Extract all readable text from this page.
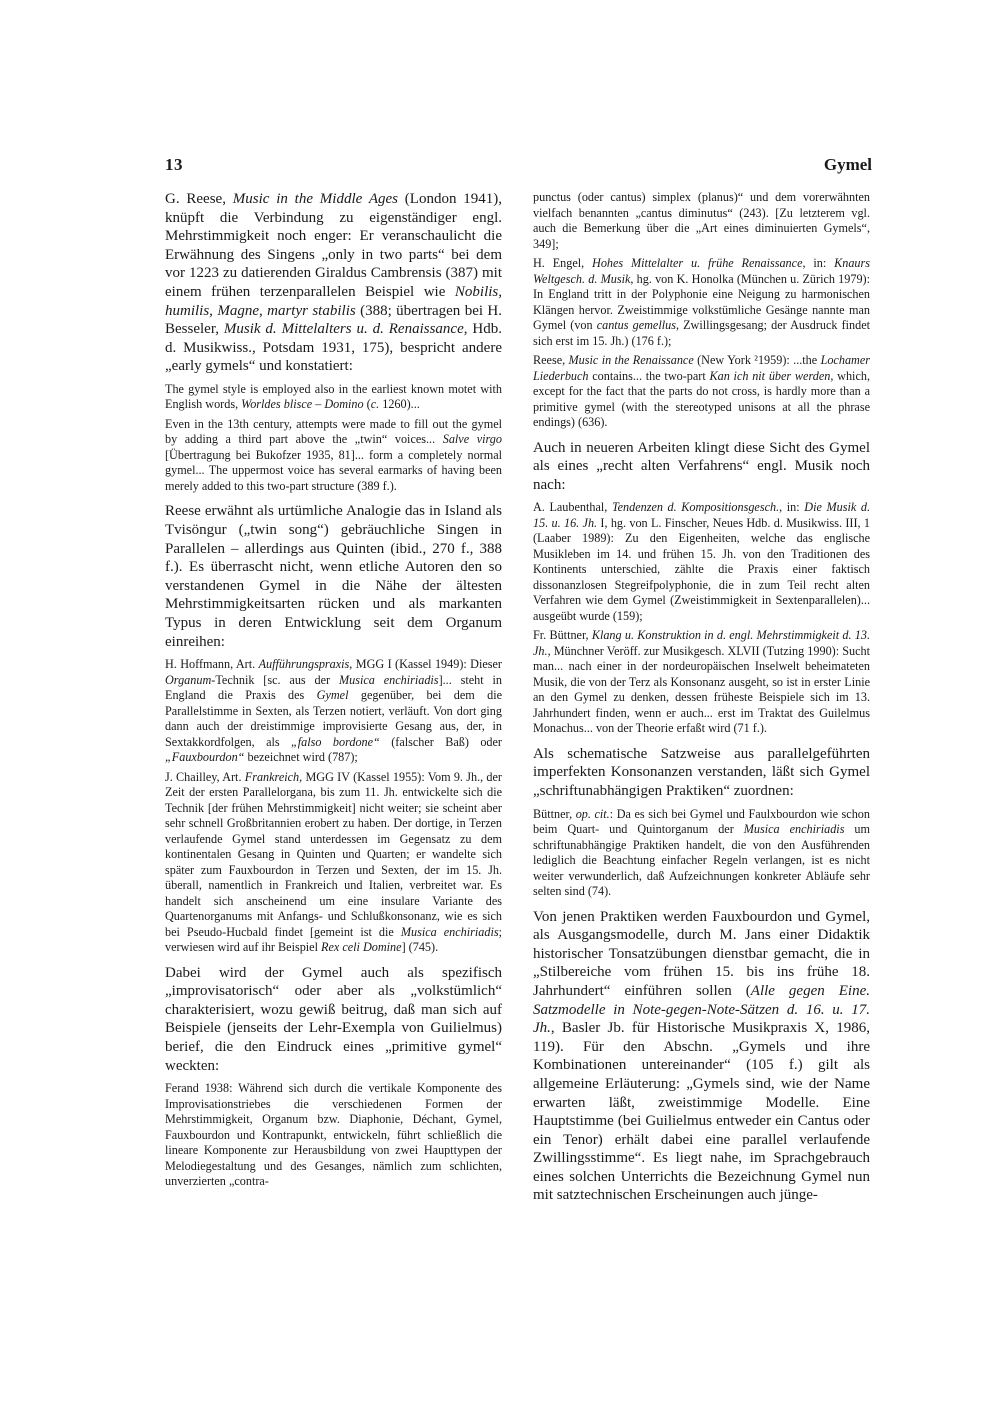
13	Gymel

G. Reese, Music in the Middle Ages (London 1941), knüpft die Verbindung zu eigenständiger engl. Mehrstimmigkeit noch enger: Er veranschaulicht die Erwähnung des Singens „only in two parts“ bei dem vor 1223 zu datierenden Giraldus Cambrensis (387) mit einem frühen terzenparallelen Beispiel wie Nobilis, humilis, Magne, martyr stabilis (388; übertragen bei H. Besseler, Musik d. Mittelalters u. d. Renaissance, Hdb. d. Musikwiss., Potsdam 1931, 175), bespricht andere „early gymels“ und konstatiert:

The gymel style is employed also in the earliest known motet with English words, Worldes blisce – Domino (c. 1260)...

Even in the 13th century, attempts were made to fill out the gymel by adding a third part above the „twin“ voices... Salve virgo [Übertragung bei Bukofzer 1935, 81]... form a completely normal gymel... The uppermost voice has several earmarks of having been merely added to this two-part structure (389 f.).

Reese erwähnt als urtümliche Analogie das in Island als Tvisöngur („twin song“) gebräuchliche Singen in Parallelen – allerdings aus Quinten (ibid., 270 f., 388 f.). Es überrascht nicht, wenn etliche Autoren den so verstandenen Gymel in die Nähe der ältesten Mehrstimmigkeitsarten rücken und als markanten Typus in deren Entwicklung seit dem Organum einreihen:

H. Hoffmann, Art. Aufführungspraxis, MGG I (Kassel 1949): Dieser Organum-Technik [sc. aus der Musica enchiriadis]... steht in England die Praxis des Gymel gegenüber, bei dem die Parallelstimme in Sexten, als Terzen notiert, verläuft. Von dort ging dann auch der dreistimmige improvisierte Gesang aus, der, in Sextakkordfolgen, als „falso bordone“ (falscher Baß) oder „Fauxbourdon“ bezeichnet wird (787);

J. Chailley, Art. Frankreich, MGG IV (Kassel 1955): Vom 9. Jh., der Zeit der ersten Parallelorgana, bis zum 11. Jh. entwickelte sich die Technik [der frühen Mehrstimmigkeit] nicht weiter; sie scheint aber sehr schnell Großbritannien erobert zu haben. Der dortige, in Terzen verlaufende Gymel stand unterdessen im Gegensatz zu dem kontinentalen Gesang in Quinten und Quarten; er wandelte sich später zum Fauxbourdon in Terzen und Sexten, der im 15. Jh. überall, namentlich in Frankreich und Italien, verbreitet war. Es handelt sich anscheinend um eine insulare Variante des Quartenorganums mit Anfangs- und Schlußkonsonanz, wie es sich bei Pseudo-Hucbald findet [gemeint ist die Musica enchiriadis; verwiesen wird auf ihr Beispiel Rex celi Domine] (745).

Dabei wird der Gymel auch als spezifisch „improvisatorisch“ oder aber als „volkstümlich“ charakterisiert, wozu gewiß beitrug, daß man sich auf Beispiele (jenseits der Lehr-Exempla von Guilielmus) berief, die den Eindruck eines „primitive gymel“ weckten:

Ferand 1938: Während sich durch die vertikale Komponente des Improvisationstriebes die verschiedenen Formen der Mehrstimmigkeit, Organum bzw. Diaphonie, Déchant, Gymel, Fauxbourdon und Kontrapunkt, entwickeln, führt schließlich die lineare Komponente zur Herausbildung von zwei Haupttypen der Melodiegestaltung und des Gesanges, nämlich zum schlichten, unverzierten „contra-

punctus (oder cantus) simplex (planus)“ und dem vorerwähnten vielfach benannten „cantus diminutus“ (243). [Zu letzterem vgl. auch die Bemerkung über die „Art eines diminuierten Gymels“, 349];

H. Engel, Hohes Mittelalter u. frühe Renaissance, in: Knaurs Weltgesch. d. Musik, hg. von K. Honolka (München u. Zürich 1979): In England tritt in der Polyphonie eine Neigung zu harmonischen Klängen hervor. Zweistimmige volkstümliche Gesänge nannte man Gymel (von cantus gemellus, Zwillingsgesang; der Ausdruck findet sich erst im 15. Jh.) (176 f.);

Reese, Music in the Renaissance (New York ²1959): ...the Lochamer Liederbuch contains... the two-part Kan ich nit über werden, which, except for the fact that the parts do not cross, is hardly more than a primitive gymel (with the stereotyped unisons at all the phrase endings) (636).

Auch in neueren Arbeiten klingt diese Sicht des Gymel als eines „recht alten Verfahrens“ engl. Musik noch nach:

A. Laubenthal, Tendenzen d. Kompositionsgesch., in: Die Musik d. 15. u. 16. Jh. I, hg. von L. Finscher, Neues Hdb. d. Musikwiss. III, 1 (Laaber 1989): Zu den Eigenheiten, welche das englische Musikleben im 14. und frühen 15. Jh. von den Traditionen des Kontinents unterschied, zählte die Praxis einer faktisch dissonanzlosen Stegreifpolyphonie, die in zum Teil recht alten Verfahren wie dem Gymel (Zweistimmigkeit in Sextenparallelen)... ausgeübt wurde (159);

Fr. Büttner, Klang u. Konstruktion in d. engl. Mehrstimmigkeit d. 13. Jh., Münchner Veröff. zur Musikgesch. XLVII (Tutzing 1990): Sucht man... nach einer in der nordeuropäischen Inselwelt beheimateten Musik, die von der Terz als Konsonanz ausgeht, so ist in erster Linie an den Gymel zu denken, dessen früheste Beispiele sich im 13. Jahrhundert finden, wenn er auch... erst im Traktat des Guilelmus Monachus... von der Theorie erfaßt wird (71 f.).

Als schematische Satzweise aus parallelgeführten imperfekten Konsonanzen verstanden, läßt sich Gymel „schriftunabhängigen Praktiken“ zuordnen:

Büttner, op. cit.: Da es sich bei Gymel und Faulxbourdon wie schon beim Quart- und Quintorganum der Musica enchiriadis um schriftunabhängige Praktiken handelt, die von den Ausführenden lediglich die Beachtung einfacher Regeln verlangen, ist es nicht weiter verwunderlich, daß Aufzeichnungen konkreter Abläufe sehr selten sind (74).

Von jenen Praktiken werden Fauxbourdon und Gymel, als Ausgangsmodelle, durch M. Jans einer Didaktik historischer Tonsatzübungen dienstbar gemacht, die in „Stilbereiche vom frühen 15. bis ins frühe 18. Jahrhundert“ einführen sollen (Alle gegen Eine. Satzmodelle in Note-gegen-Note-Sätzen d. 16. u. 17. Jh., Basler Jb. für Historische Musikpraxis X, 1986, 119). Für den Abschn. „Gymels und ihre Kombinationen untereinander“ (105 f.) gilt als allgemeine Erläuterung: „Gymels sind, wie der Name erwarten läßt, zweistimmige Modelle. Eine Hauptstimme (bei Guilielmus entweder ein Cantus oder ein Tenor) erhält dabei eine parallel verlaufende Zwillingsstimme“. Es liegt nahe, im Sprachgebrauch eines solchen Unterrichts die Bezeichnung Gymel nun mit satztechnischen Erscheinungen auch jünge-
